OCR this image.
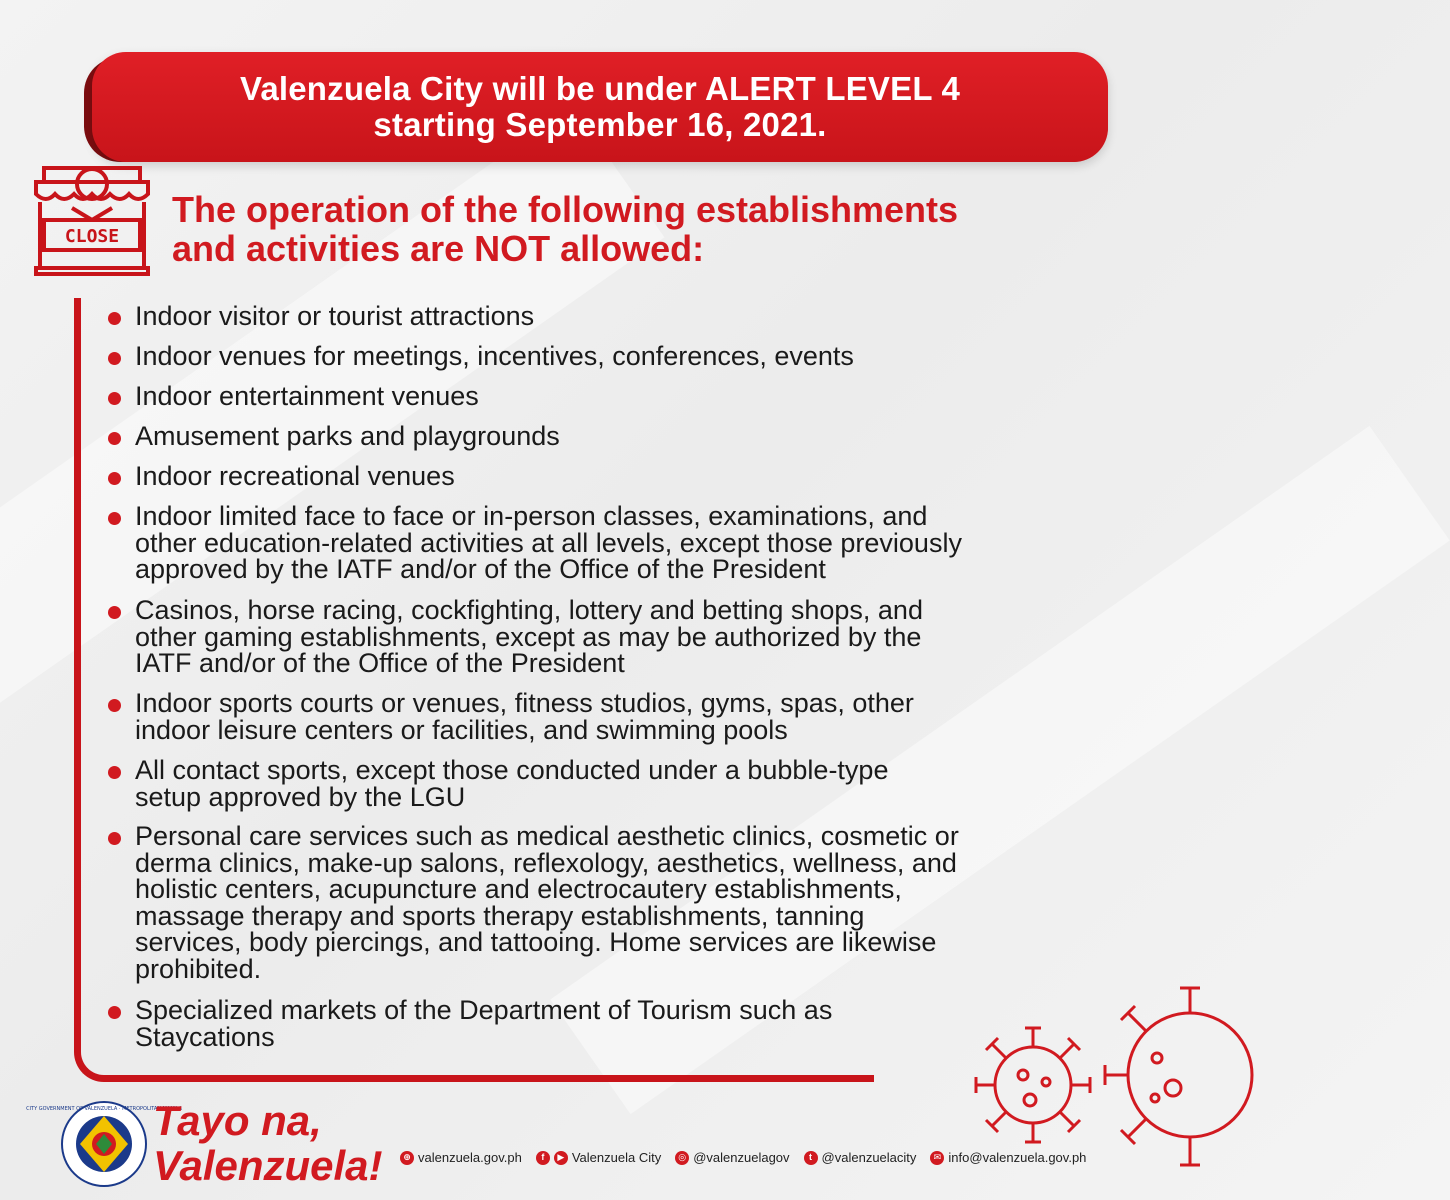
Valenzuela City will be under ALERT LEVEL 4
starting September 16, 2021.
CLOSE
The operation of the following establishments
and activities are NOT allowed:
Indoor visitor or tourist attractions
Indoor venues for meetings, incentives, conferences, events
Indoor entertainment venues
Amusement parks and playgrounds
Indoor recreational venues
Indoor limited face to face or in-person classes, examinations, and
other education-related activities at all levels, except those previously
approved by the IATF and/or of the Office of the President
Casinos, horse racing, cockfighting, lottery and betting shops, and
other gaming establishments, except as may be authorized by the
IATF and/or of the Office of the President
Indoor sports courts or venues, fitness studios, gyms, spas, other
indoor leisure centers or facilities, and swimming pools
All contact sports, except those conducted under a bubble-type
setup approved by the LGU
Personal care services such as medical aesthetic clinics, cosmetic or
derma clinics, make-up salons, reflexology, aesthetics, wellness, and
holistic centers, acupuncture and electrocautery establishments,
massage therapy and sports therapy establishments, tanning
services, body piercings, and tattooing. Home services are likewise
prohibited.
Specialized markets of the Department of Tourism such as
Staycations
CITY GOVERNMENT OF VALENZUELA · METROPOLITAN MANILA
Tayo na,
Valenzuela!	⊕ valenzuela.gov.ph	f	▶ Valenzuela City	◎ @valenzuelagov	t @valenzuelacity	✉ info@valenzuela.gov.ph
